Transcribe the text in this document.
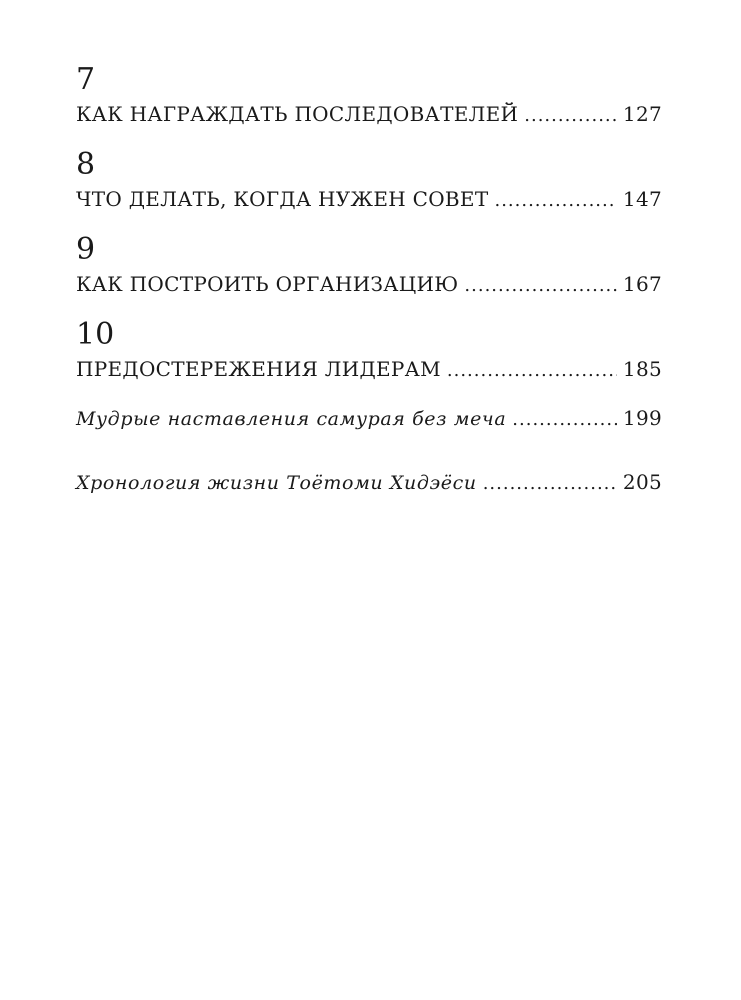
7
КАК НАГРАЖДАТЬ ПОСЛЕДОВАТЕЛЕЙ .....	127
8
ЧТО ДЕЛАТЬ, КОГДА НУЖЕН СОВЕТ .....	147
9
КАК ПОСТРОИТЬ ОРГАНИЗАЦИЮ .....	167
10
ПРЕДОСТЕРЕЖЕНИЯ ЛИДЕРАМ .....	185
Мудрые наставления самурая без меча .....	199
Хронология жизни Тоётоми Хидэёси .....	205
